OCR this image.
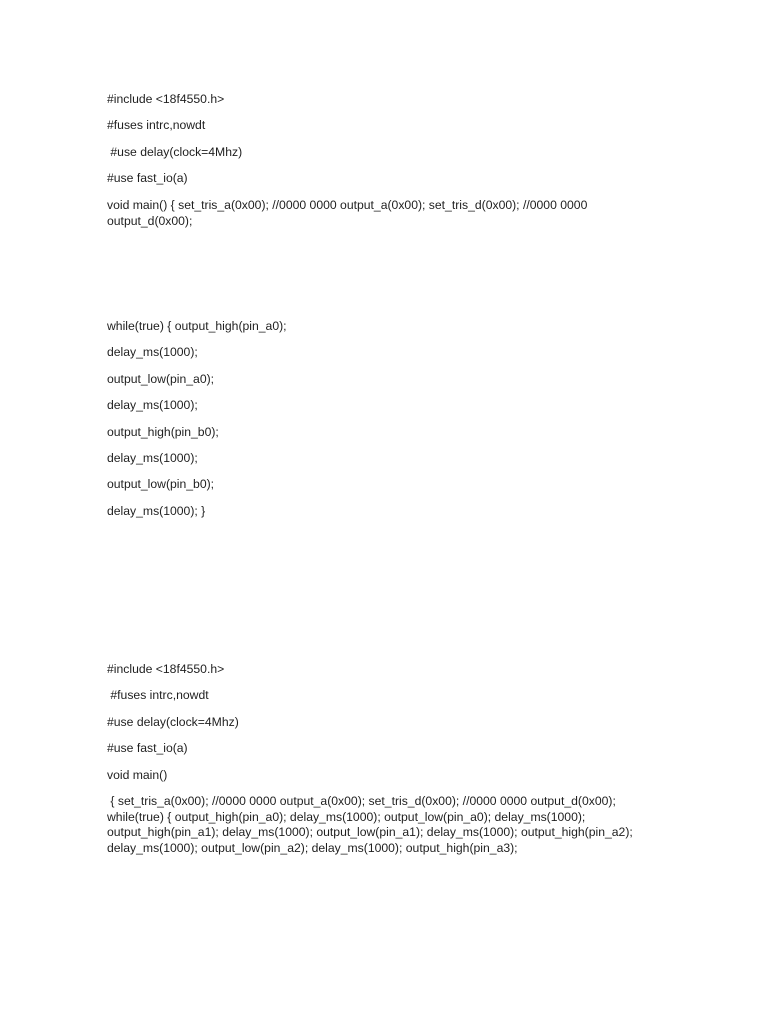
#include <18f4550.h>

#fuses intrc,nowdt

#use delay(clock=4Mhz)

#use fast_io(a)

void main() { set_tris_a(0x00); //0000 0000 output_a(0x00); set_tris_d(0x00); //0000 0000 output_d(0x00);

while(true) { output_high(pin_a0);

delay_ms(1000);

output_low(pin_a0);

delay_ms(1000);

output_high(pin_b0);

delay_ms(1000);

output_low(pin_b0);

delay_ms(1000); }

#include <18f4550.h>

#fuses intrc,nowdt

#use delay(clock=4Mhz)

#use fast_io(a)

void main()

{ set_tris_a(0x00); //0000 0000 output_a(0x00); set_tris_d(0x00); //0000 0000 output_d(0x00); while(true) { output_high(pin_a0); delay_ms(1000); output_low(pin_a0); delay_ms(1000); output_high(pin_a1); delay_ms(1000); output_low(pin_a1); delay_ms(1000); output_high(pin_a2); delay_ms(1000); output_low(pin_a2); delay_ms(1000); output_high(pin_a3);
